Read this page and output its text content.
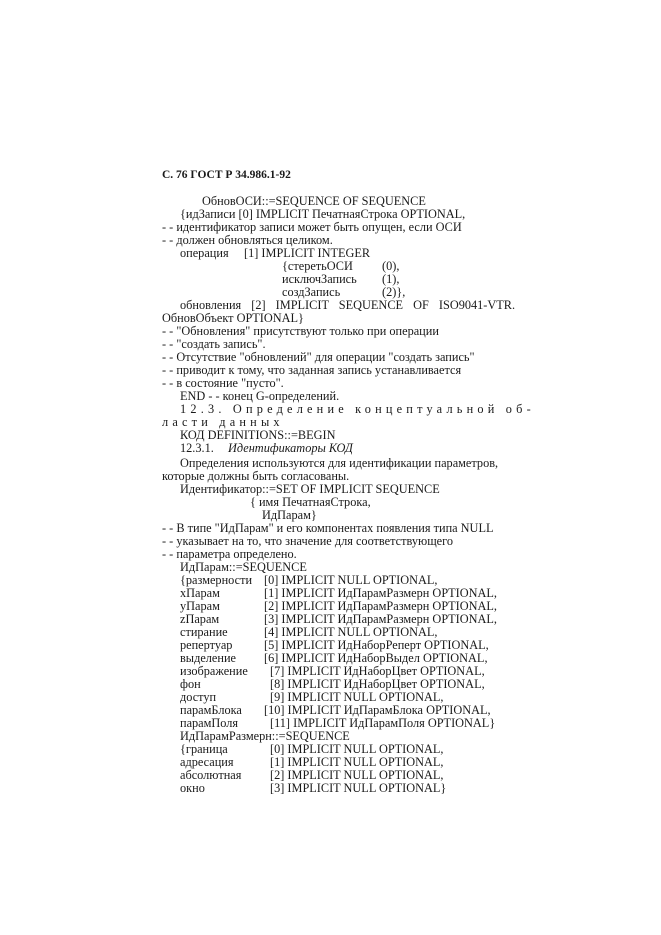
С. 76 ГОСТ Р 34.986.1-92
ОбновОСИ::=SEQUENCE OF SEQUENCE
{идЗаписи [0] IMPLICIT ПечатнаяСтрока OPTIONAL,
- - идентификатор записи может быть опущен, если ОСИ
- - должен обновляться целиком.
операция [1] IMPLICIT INTEGER
{стеретьОСИ (0),
исключЗапись (1),
создЗапись	(2)},
обновления [2] IMPLICIT SEQUENCE OF ISO9041-VTR.
ОбновОбъект OPTIONAL}
- - "Обновления" присутствуют только при операции
- - "создать запись".
- - Отсутствие "обновлений" для операции "создать запись"
- - приводит к тому, что заданная запись устанавливается
- - в состояние "пусто".
END - - конец G-определений.
12.3. Определение концептуальной об-
ласти данных
КОД DEFINITIONS::=BEGIN
12.3.1. Идентификаторы КОД
Определения используются для идентификации параметров,
которые должны быть согласованы.
Идентификатор::=SET OF IMPLICIT SEQUENCE
{ имя ПечатнаяСтрока,
ИдПарам}
- - В типе "ИдПарам" и его компонентах появления типа NULL
- - указывает на то, что значение для соответствующего
- - параметра определено.
ИдПарам::=SEQUENCE
{размерности [0] IMPLICIT NULL OPTIONAL,
хПарам	[1] IMPLICIT ИдПарамРазмерн OPTIONAL,
уПарам	[2] IMPLICIT ИдПарамРазмерн OPTIONAL,
zПарам	[3] IMPLICIT ИдПарамРазмерн OPTIONAL,
стирание	[4] IMPLICIT NULL OPTIONAL,
репертуар	[5] IMPLICIT ИдНаборРеперт OPTIONAL,
выделение [6] IMPLICIT ИдНаборВыдел OPTIONAL,
изображение [7] IMPLICIT ИдНаборЦвет OPTIONAL,
фон	[8] IMPLICIT ИдНаборЦвет OPTIONAL,
доступ	[9] IMPLICIT NULL OPTIONAL,
парамБлока [10] IMPLICIT ИдПарамБлока OPTIONAL,
парамПоля	[11] IMPLICIT ИдПарамПоля OPTIONAL}
ИдПарамРазмерн::=SEQUENCE
{граница	[0] IMPLICIT NULL OPTIONAL,
адресация	[1] IMPLICIT NULL OPTIONAL,
абсолютная [2] IMPLICIT NULL OPTIONAL,
окно	[3] IMPLICIT NULL OPTIONAL}
